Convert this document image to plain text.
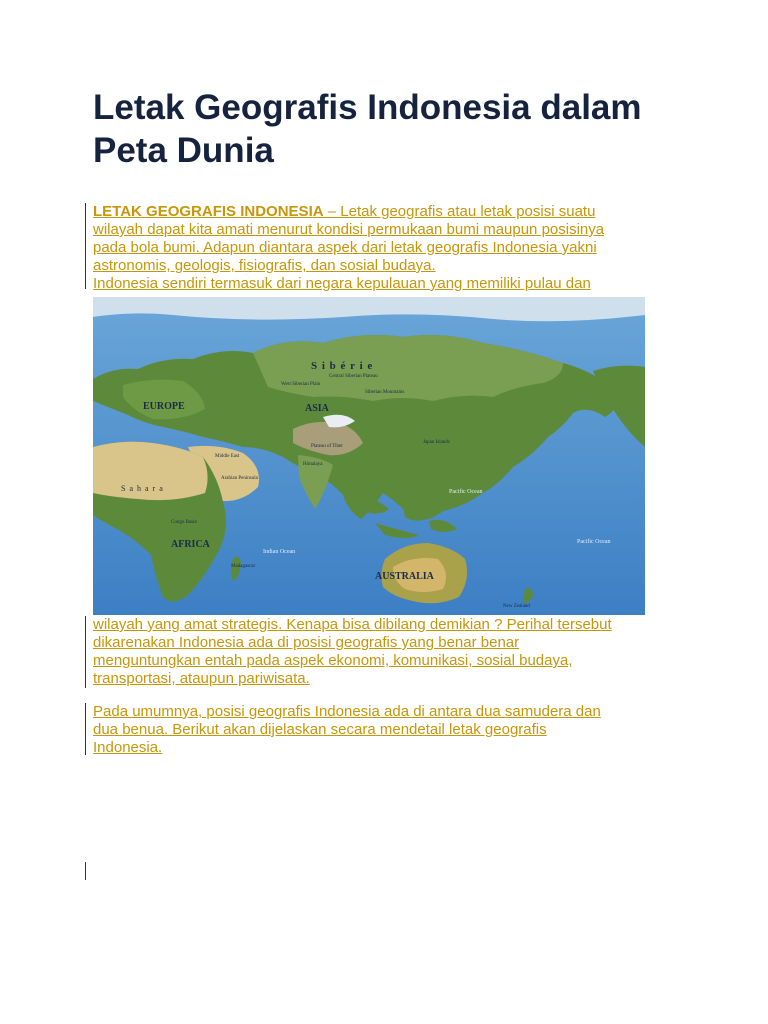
Letak Geografis Indonesia dalam Peta Dunia
LETAK GEOGRAFIS INDONESIA – Letak geografis atau letak posisi suatu
wilayah dapat kita amati menurut kondisi permukaan bumi maupun posisinya
pada bola bumi. Adapun diantara aspek dari letak geografis Indonesia yakni
astronomis, geologis, fisiografis, dan sosial budaya.
Indonesia sendiri termasuk dari negara kepulauan yang memiliki pulau dan
S i b é r i e
EUROPE	ASIA
AFRICA
AUSTRALIA
S a h a r a	Pacific Ocean
Pacific Ocean
Indian Ocean
Himalaya
Plateau of Tibet
Middle East
Arabian Peninsula
Madagascar
Congo Basin
New Zealand
Japan Islands
West Siberian Plain
Central Siberian Plateau
Siberian Mountains
wilayah yang amat strategis. Kenapa bisa dibilang demikian ? Perihal tersebut
dikarenakan Indonesia ada di posisi geografis yang benar benar
menguntungkan entah pada aspek ekonomi, komunikasi, sosial budaya,
transportasi, ataupun pariwisata.
Pada umumnya, posisi geografis Indonesia ada di antara dua samudera dan
dua benua. Berikut akan dijelaskan secara mendetail letak geografis
Indonesia.
